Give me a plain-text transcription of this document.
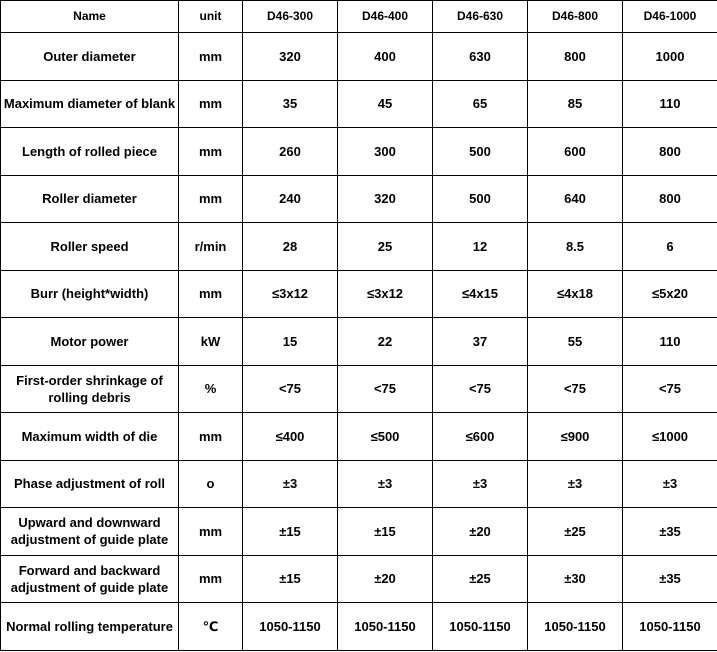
Name	unit	D46-300	D46-400	D46-630	D46-800	D46-1000
Outer diameter	mm	320	400	630	800	1000
Maximum diameter of blank	mm	35	45	65	85	110
Length of rolled piece	mm	260	300	500	600	800
Roller diameter	mm	240	320	500	640	800
Roller speed	r/min	28	25	12	8.5	6
Burr (height*width)	mm	≤3x12	≤3x12	≤4x15	≤4x18	≤5x20
Motor power	kW	15	22	37	55	110
First-order shrinkage of rolling debris	%	<75	<75	<75	<75	<75
Maximum width of die	mm	≤400	≤500	≤600	≤900	≤1000
Phase adjustment of roll	o	±3	±3	±3	±3	±3
Upward and downward adjustment of guide plate	mm	±15	±15	±20	±25	±35
Forward and backward adjustment of guide plate	mm	±15	±20	±25	±30	±35
Normal rolling temperature	℃	1050-1150	1050-1150	1050-1150	1050-1150	1050-1150
